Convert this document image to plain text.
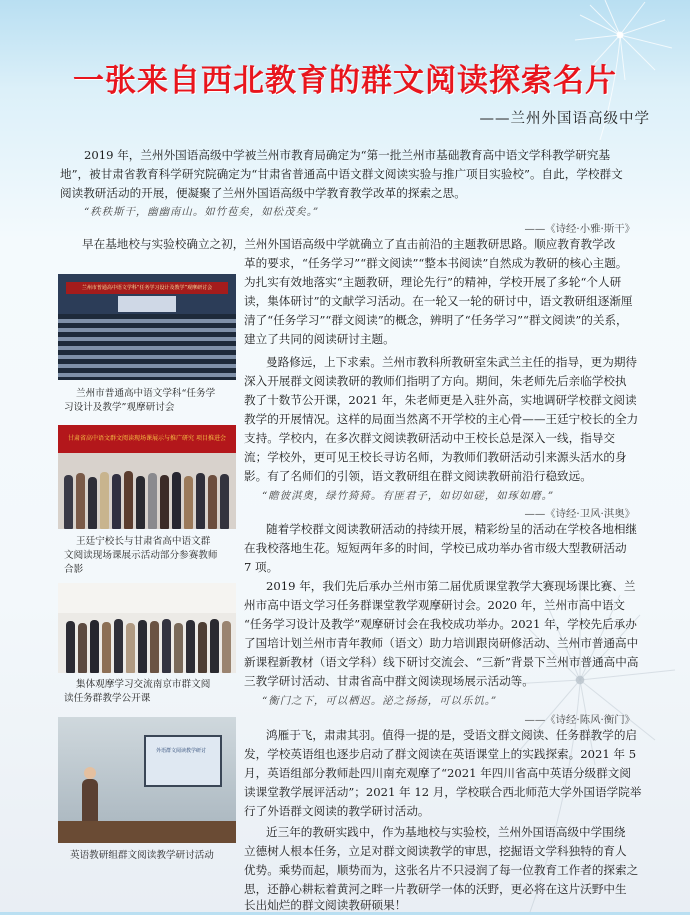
一张来自西北教育的群文阅读探索名片
——兰州外国语高级中学

2019 年，兰州外国语高级中学被兰州市教育局确定为“第一批兰州市基础教育高中语文学科教学研究基

地”，被甘肃省教育科学研究院确定为“甘肃省普通高中语文群文阅读实验与推广项目实验校”。自此，学校群文

阅读教研活动的开展，便凝聚了兰州外国语高级中学教育教学改革的探索之思。

“秩秩斯干，幽幽南山。如竹苞矣，如松茂矣。”

——《诗经·小雅·斯干》

早在基地校与实验校确立之初，兰州外国语高级中学就确立了直击前沿的主题教研思路。顺应教育教学改

革的要求，“任务学习”“群文阅读”“整本书阅读”自然成为教研的核心主题。

为扎实有效地落实“主题教研，理论先行”的精神，学校开展了多轮“个人研

读，集体研讨”的文献学习活动。在一轮又一轮的研讨中，语文教研组逐渐厘

清了“任务学习”“群文阅读”的概念，辨明了“任务学习”“群文阅读”的关系，

建立了共同的阅读研讨主题。

曼路修远，上下求索。兰州市教科所教研室朱武兰主任的指导，更为期待

深入开展群文阅读教研的教师们指明了方向。期间，朱老师先后亲临学校执

教了十数节公开课，2021 年，朱老师更是入驻外高，实地调研学校群文阅读

教学的开展情况。这样的局面当然离不开学校的主心骨——王廷宁校长的全力

支持。学校内，在多次群文阅读教研活动中王校长总是深入一线，指导交

流；学校外，更可见王校长寻访名师，为教师们教研活动引来源头活水的身

影。有了名师们的引领，语文教研组在群文阅读教研前沿行稳致远。

“瞻彼淇奥，绿竹猗猗。有匪君子，如切如磋，如琢如磨。”

——《诗经·卫风·淇奥》

随着学校群文阅读教研活动的持续开展，精彩纷呈的活动在学校各地相继

在我校落地生花。短短两年多的时间，学校已成功举办省市级大型教研活动

7 项。

2019 年，我们先后承办兰州市第二届优质课堂教学大赛现场课比赛、兰

州市高中语文学习任务群课堂教学观摩研讨会。2020 年，兰州市高中语文

“任务学习设计及教学”观摩研讨会在我校成功举办。2021 年，学校先后承办

了国培计划兰州市青年教师（语文）助力培训跟岗研修活动、兰州市普通高中

新课程新教材（语文学科）线下研讨交流会、“三新”背景下兰州市普通高中高

三教学研讨活动、甘肃省高中群文阅读现场展示活动等。

“衡门之下，可以栖迟。泌之扬扬，可以乐饥。”

——《诗经·陈风·衡门》

鸿雁于飞，肃肃其羽。值得一提的是，受语文群文阅读、任务群教学的启

发，学校英语组也逐步启动了群文阅读在英语课堂上的实践探索。2021 年 5

月，英语组部分教师赴四川南充观摩了“2021 年四川省高中英语分级群文阅

读课堂教学展评活动”；2021 年 12 月，学校联合西北师范大学外国语学院举

行了外语群文阅读的教学研讨活动。

近三年的教研实践中，作为基地校与实验校，兰州外国语高级中学围绕

立德树人根本任务，立足对群文阅读教学的审思，挖掘语文学科独特的育人

优势。乘势而起，顺势而为，这张名片不只浸润了每一位教育工作者的探索之

思，还静心耕耘着黄河之畔一片教研学一体的沃野，更必将在这片沃野中生

长出灿烂的群文阅读教研硕果！

兰州市普通高中语文学科“任务学习设计及教学”观摩研讨会

兰州市普通高中语文学科“任务学

习设计及教学”观摩研讨会

甘肃省高中语文群文阅读现场课展示与推广研究 项目推进会

王廷宁校长与甘肃省高中语文群

文阅读现场课展示活动部分参赛教师

合影

集体观摩学习交流南京市群文阅

读任务群教学公开课

外语群文阅读教学研讨

英语教研组群文阅读教学研讨活动
